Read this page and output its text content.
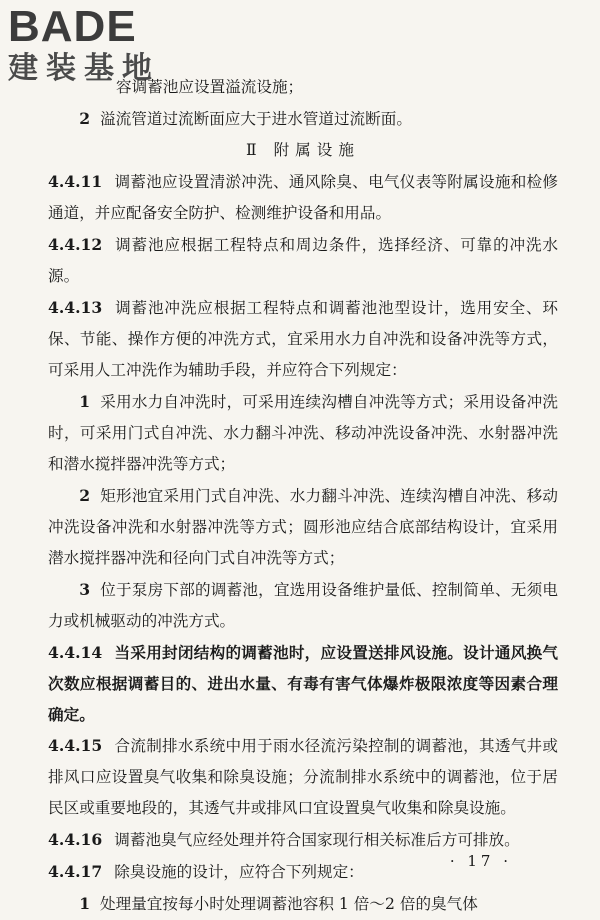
BADE
建装基地

容调蓄池应设置溢流设施；

2 溢流管道过流断面应大于进水管道过流断面。

Ⅱ 附属设施

4.4.11 调蓄池应设置清淤冲洗、通风除臭、电气仪表等附属设施和检修通道，并应配备安全防护、检测维护设备和用品。

4.4.12 调蓄池应根据工程特点和周边条件，选择经济、可靠的冲洗水源。

4.4.13 调蓄池冲洗应根据工程特点和调蓄池池型设计，选用安全、环保、节能、操作方便的冲洗方式，宜采用水力自冲洗和设备冲洗等方式，可采用人工冲洗作为辅助手段，并应符合下列规定：

1 采用水力自冲洗时，可采用连续沟槽自冲洗等方式；采用设备冲洗时，可采用门式自冲洗、水力翻斗冲洗、移动冲洗设备冲洗、水射器冲洗和潜水搅拌器冲洗等方式；

2 矩形池宜采用门式自冲洗、水力翻斗冲洗、连续沟槽自冲洗、移动冲洗设备冲洗和水射器冲洗等方式；圆形池应结合底部结构设计，宜采用潜水搅拌器冲洗和径向门式自冲洗等方式；

3 位于泵房下部的调蓄池，宜选用设备维护量低、控制简单、无须电力或机械驱动的冲洗方式。

4.4.14 当采用封闭结构的调蓄池时，应设置送排风设施。设计通风换气次数应根据调蓄目的、进出水量、有毒有害气体爆炸极限浓度等因素合理确定。

4.4.15 合流制排水系统中用于雨水径流污染控制的调蓄池，其透气井或排风口应设置臭气收集和除臭设施；分流制排水系统中的调蓄池，位于居民区或重要地段的，其透气井或排风口宜设置臭气收集和除臭设施。

4.4.16 调蓄池臭气应经处理并符合国家现行相关标准后方可排放。

4.4.17 除臭设施的设计，应符合下列规定：

1 处理量宜按每小时处理调蓄池容积 1 倍～2 倍的臭气体

· 17 ·
